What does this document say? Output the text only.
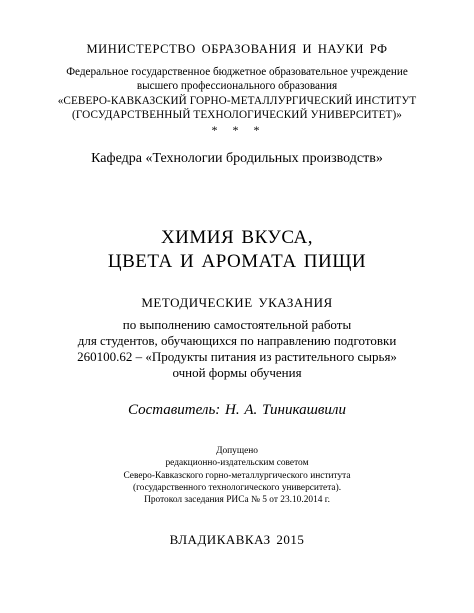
МИНИСТЕРСТВО ОБРАЗОВАНИЯ И НАУКИ РФ
Федеральное государственное бюджетное образовательное учреждение
высшего профессионального образования
«СЕВЕРО-КАВКАЗСКИЙ ГОРНО-МЕТАЛЛУРГИЧЕСКИЙ ИНСТИТУТ
(ГОСУДАРСТВЕННЫЙ ТЕХНОЛОГИЧЕСКИЙ УНИВЕРСИТЕТ)»
* * *
Кафедра «Технологии бродильных производств»
ХИМИЯ ВКУСА,
ЦВЕТА И АРОМАТА ПИЩИ
МЕТОДИЧЕСКИЕ УКАЗАНИЯ
по выполнению самостоятельной работы
для студентов, обучающихся по направлению подготовки
260100.62 – «Продукты питания из растительного сырья»
очной формы обучения
Составитель: Н. А. Тиникашвили
Допущено
редакционно-издательским советом
Северо-Кавказского горно-металлургического института
(государственного технологического университета).
Протокол заседания РИСа № 5 от 23.10.2014 г.
ВЛАДИКАВКАЗ 2015
